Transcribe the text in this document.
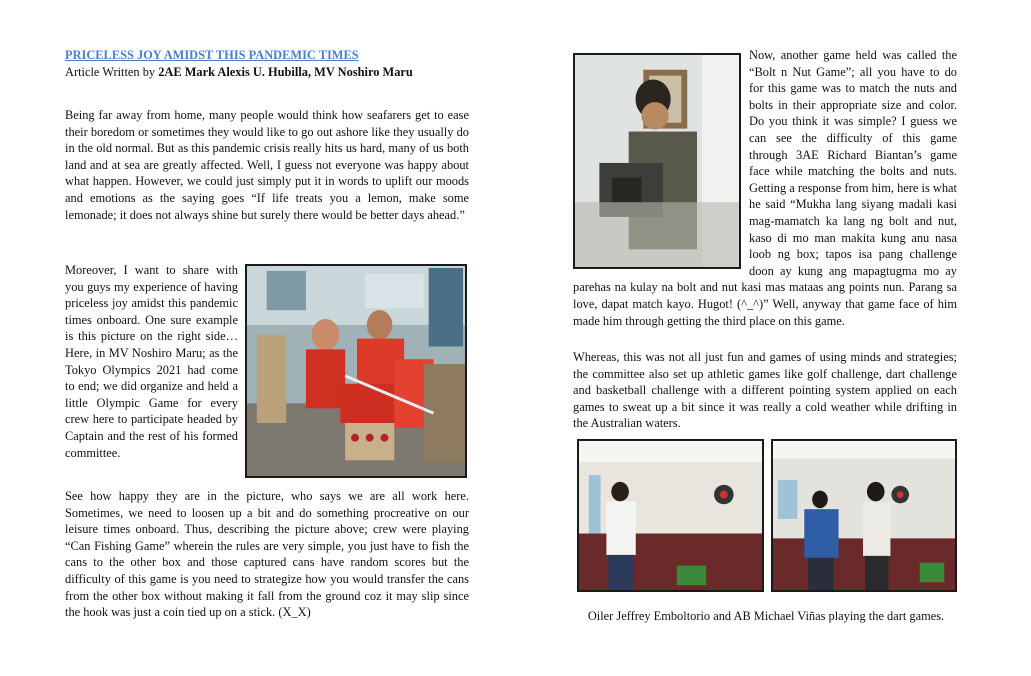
PRICELESS JOY AMIDST THIS PANDEMIC TIMES
Article Written by 2AE Mark Alexis U. Hubilla, MV Noshiro Maru

Being far away from home, many people would think how seafarers get to ease their boredom or sometimes they would like to go out ashore like they usually do in the old normal. But as this pandemic crisis really hits us hard, many of us both land and at sea are greatly affected. Well, I guess not everyone was happy about what happen. However, we could just simply put it in words to uplift our moods and emotions as the saying goes “If life treats you a lemon, make some lemonade; it does not always shine but surely there would be better days ahead.”

Moreover, I want to share with you guys my experience of having priceless joy amidst this pandemic times onboard. One sure example is this picture on the right side… Here, in MV Noshiro Maru; as the Tokyo Olympics 2021 had come to end; we did organize and held a little Olympic Game for every crew here to participate headed by Captain and the rest of his formed committee.

See how happy they are in the picture, who says we are all work here. Sometimes, we need to loosen up a bit and do something procreative on our leisure times onboard. Thus, describing the picture above; crew were playing “Can Fishing Game” wherein the rules are very simple, you just have to fish the cans to the other box and those captured cans have random scores but the difficulty of this game is you need to strategize how you would transfer the cans from the other box without making it fall from the ground coz it may slip since the hook was just a coin tied up on a stick. (X_X)

Now, another game held was called the “Bolt n Nut Game”; all you have to do for this game was to match the nuts and bolts in their appropriate size and color. Do you think it was simple? I guess we can see the difficulty of this game through 3AE Richard Biantan’s game face while matching the bolts and nuts. Getting a response from him, here is what he said “Mukha lang siyang madali kasi mag-mamatch ka lang ng bolt and nut, kaso di mo man makita kung anu nasa loob ng box; tapos isa pang challenge doon ay kung ang mapagtugma mo ay parehas na kulay na bolt and nut kasi mas mataas ang points nun. Parang sa love, dapat match kayo. Hugot! (^_^)” Well, anyway that game face of him made him through getting the third place on this game.

Whereas, this was not all just fun and games of using minds and strategies; the committee also set up athletic games like golf challenge, dart challenge and basketball challenge with a different pointing system applied on each games to sweat up a bit since it was really a cold weather while drifting in the Australian waters.

Oiler Jeffrey Emboltorio and AB Michael Viñas playing the dart games.
